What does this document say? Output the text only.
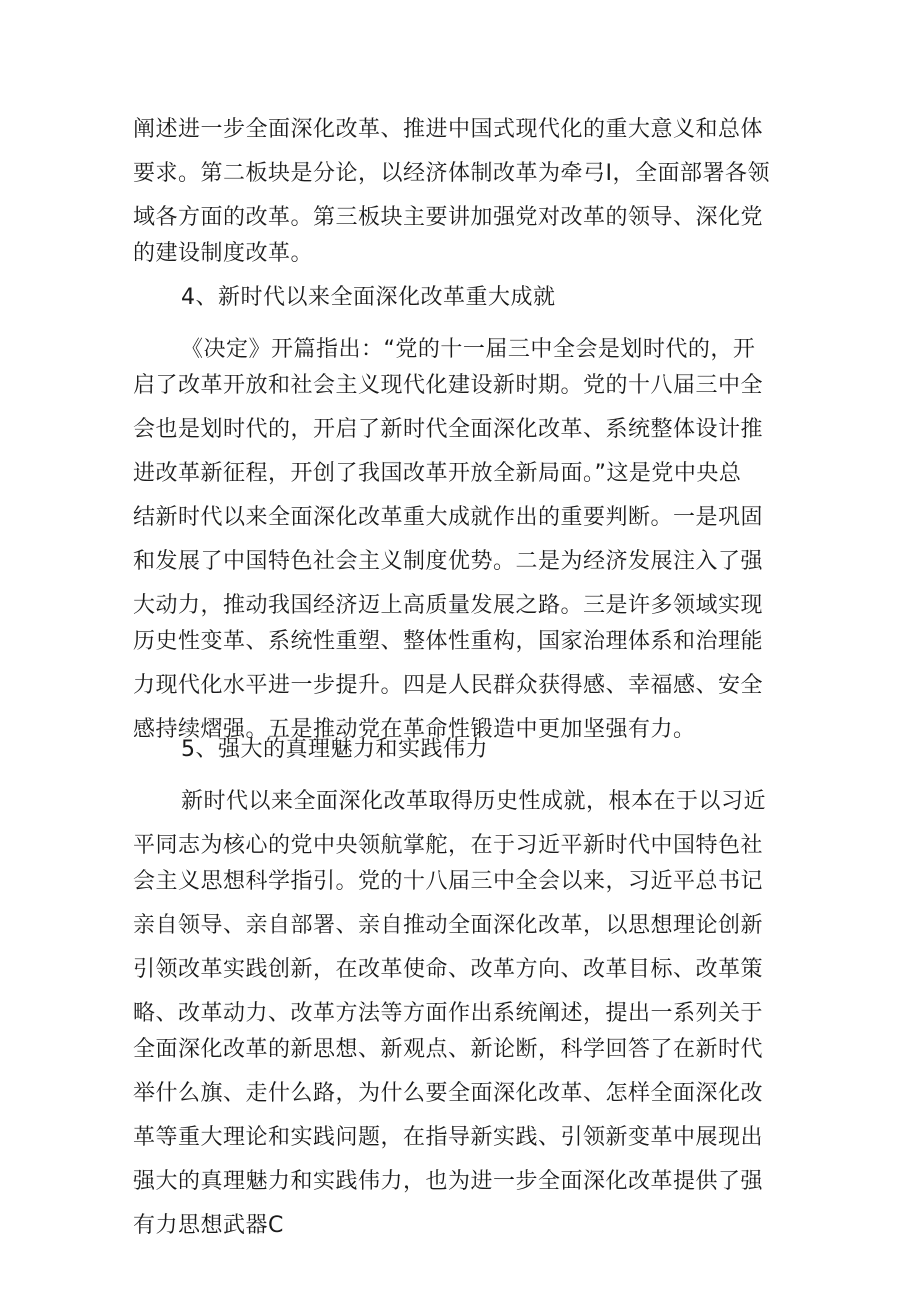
阐述进一步全面深化改革、推进中国式现代化的重大意义和总体

要求。第二板块是分论，以经济体制改革为牵弓I，全面部署各领

域各方面的改革。第三板块主要讲加强党对改革的领导、深化党

的建设制度改革。

4、新时代以来全面深化改革重大成就

《决定》开篇指出：“党的十一届三中全会是划时代的，开

启了改革开放和社会主义现代化建设新时期。党的十八届三中全

会也是划时代的，开启了新时代全面深化改革、系统整体设计推

进改革新征程，开创了我国改革开放全新局面。”这是党中央总

结新时代以来全面深化改革重大成就作出的重要判断。一是巩固

和发展了中国特色社会主义制度优势。二是为经济发展注入了强

大动力，推动我国经济迈上高质量发展之路。三是许多领域实现

历史性变革、系统性重塑、整体性重构，国家治理体系和治理能

力现代化水平进一步提升。四是人民群众获得感、幸福感、安全

感持续熠强。五是推动党在革命性锻造中更加坚强有力。

5、强大的真理魅力和实践伟力

新时代以来全面深化改革取得历史性成就，根本在于以习近

平同志为核心的党中央领航掌舵，在于习近平新时代中国特色社

会主义思想科学指引。党的十八届三中全会以来，习近平总书记

亲自领导、亲自部署、亲自推动全面深化改革，以思想理论创新

引领改革实践创新，在改革使命、改革方向、改革目标、改革策

略、改革动力、改革方法等方面作出系统阐述，提出一系列关于

全面深化改革的新思想、新观点、新论断，科学回答了在新时代

举什么旗、走什么路，为什么要全面深化改革、怎样全面深化改

革等重大理论和实践问题，在指导新实践、引领新变革中展现出

强大的真理魅力和实践伟力，也为进一步全面深化改革提供了强

有力思想武器C
